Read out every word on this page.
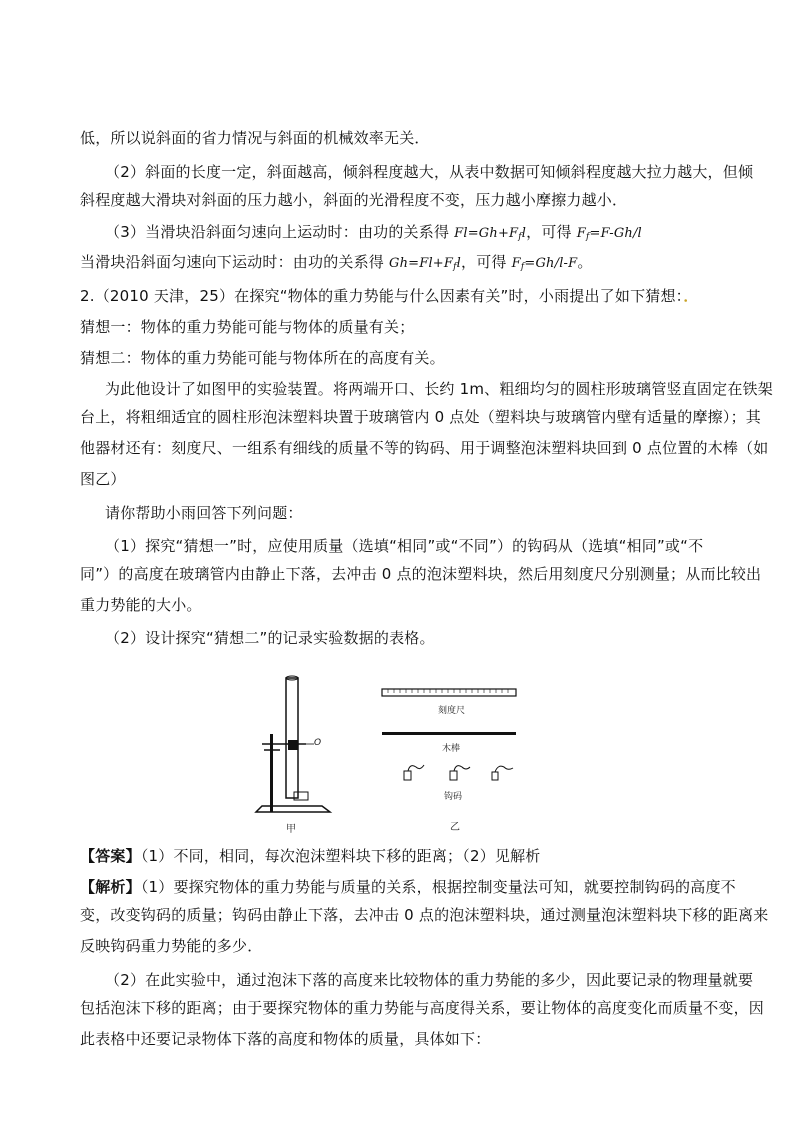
低，所以说斜面的省力情况与斜面的机械效率无关．
（2）斜面的长度一定，斜面越高，倾斜程度越大，从表中数据可知倾斜程度越大拉力越大，但倾
斜程度越大滑块对斜面的压力越小，斜面的光滑程度不变，压力越小摩擦力越小．
（3）当滑块沿斜面匀速向上运动时：由功的关系得 $Fl=Gh+F_fl$，可得 $F_f=F-Gh/l$
当滑块沿斜面匀速向下运动时：由功的关系得 $Gh=Fl+F_fl$，可得 $F_f=Gh/l-F$。
2.（2010 天津，25）在探究“物体的重力势能与什么因素有关”时，小雨提出了如下猜想：．
猜想一：物体的重力势能可能与物体的质量有关；
猜想二：物体的重力势能可能与物体所在的高度有关。
为此他设计了如图甲的实验装置。将两端开口、长约 1m、粗细均匀的圆柱形玻璃管竖直固定在铁架
台上，将粗细适宜的圆柱形泡沫塑料块置于玻璃管内 0 点处（塑料块与玻璃管内壁有适量的摩擦）；其
他器材还有：刻度尺、一组系有细线的质量不等的钩码、用于调整泡沫塑料块回到 0 点位置的木棒（如
图乙）
请你帮助小雨回答下列问题：
（1）探究“猜想一”时，应使用质量（选填“相同”或“不同”）的钩码从（选填“相同”或“不
同”）的高度在玻璃管内由静止下落，去冲击 0 点的泡沫塑料块，然后用刻度尺分别测量；从而比较出
重力势能的大小。
（2）设计探究“猜想二”的记录实验数据的表格。
O
甲
刻度尺
木棒
钩码
乙
【答案】（1）不同，相同，每次泡沫塑料块下移的距离；（2）见解析
【解析】（1）要探究物体的重力势能与质量的关系，根据控制变量法可知，就要控制钩码的高度不
变，改变钩码的质量；钩码由静止下落，去冲击 0 点的泡沫塑料块，通过测量泡沫塑料块下移的距离来
反映钩码重力势能的多少．
（2）在此实验中，通过泡沫下落的高度来比较物体的重力势能的多少，因此要记录的物理量就要
包括泡沫下移的距离；由于要探究物体的重力势能与高度得关系，要让物体的高度变化而质量不变，因
此表格中还要记录物体下落的高度和物体的质量，具体如下：
